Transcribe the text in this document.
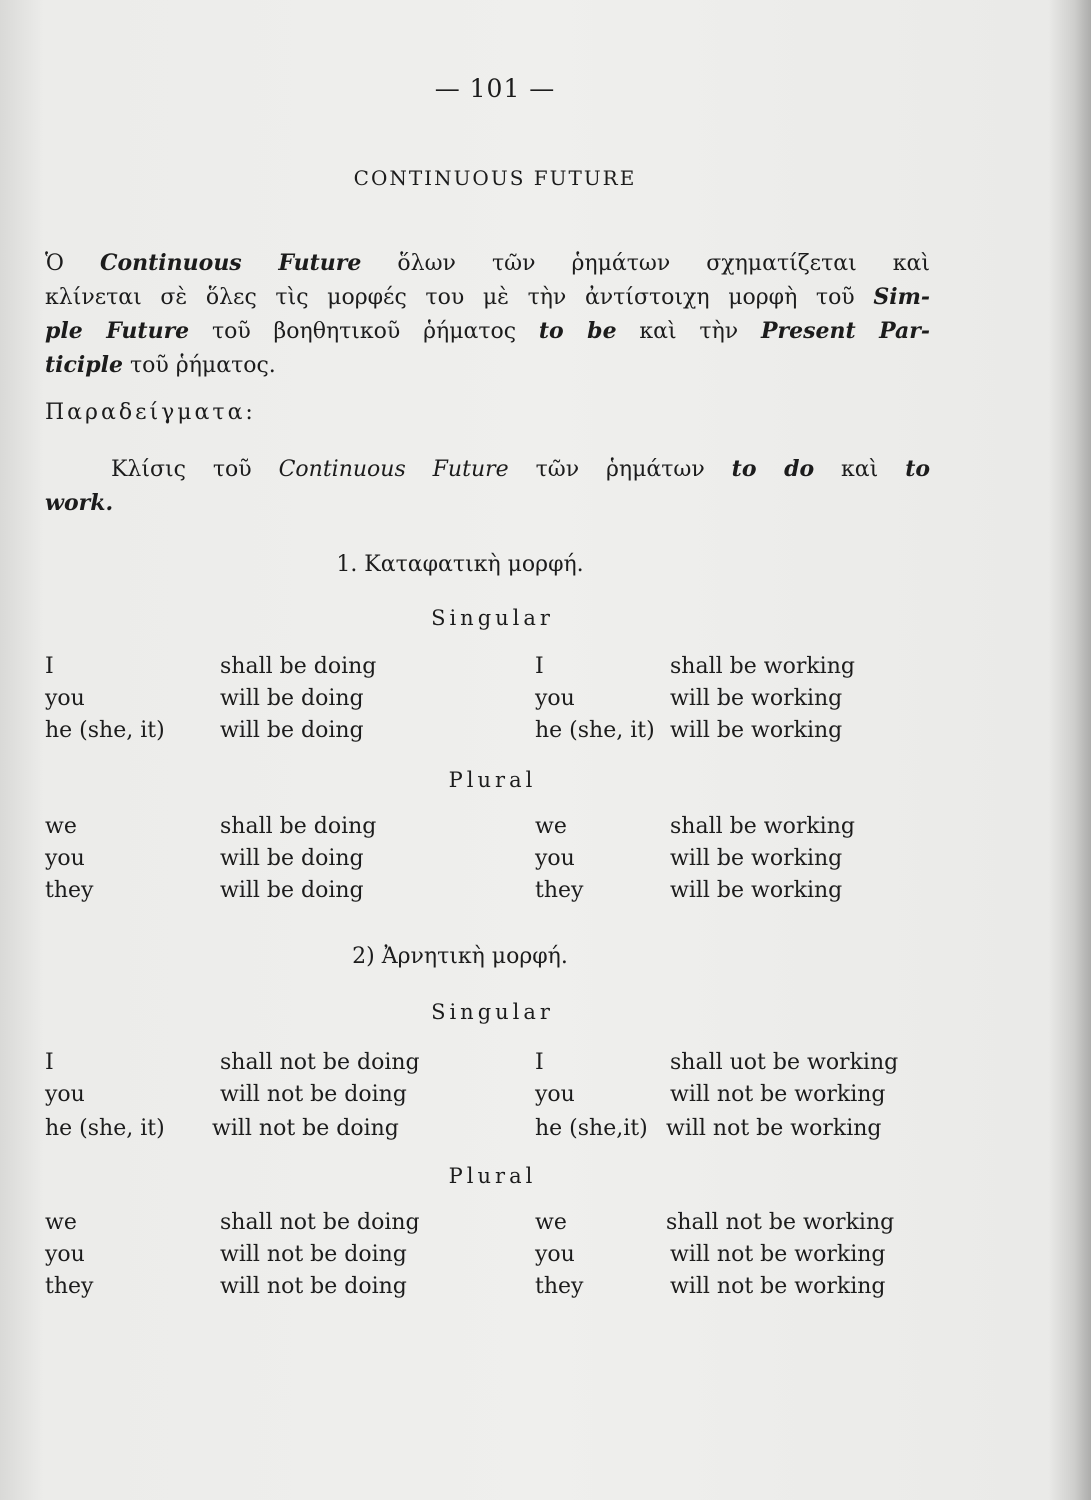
— 101 —
CONTINUOUS FUTURE
Ὁ Continuous Future ὅλων τῶν ῥημάτων σχηματίζεται καὶ
κλίνεται σὲ ὅλες τὶς μορφές του μὲ τὴν ἀντίστοιχη μορφὴ τοῦ Sim-
ple Future τοῦ βοηθητικοῦ ῥήματος to be καὶ τὴν Present Par-
ticiple τοῦ ῥήματος.
Παραδείγματα:
Κλίσις τοῦ Continuous Future τῶν ῥημάτων to do καὶ to
work.
1. Καταφατικὴ μορφή.
Singular
I	shall be doing	I	shall be working
you	will be doing	you	will be working
he (she, it)	will be doing	he (she, it) will be working
Plural
we	shall be doing	we	shall be working
you	will be doing	you	will be working
they	will be doing	they	will be working
2) Ἀρνητικὴ μορφή.
Singular
I	shall not be doing	I	shall uot be working
you	will not be doing	you	will not be working
he (she, it) will not be doing	he (she,it) will not be working
Plural
we	shall not be doing	we	shall not be working
you	will not be doing	you	will not be working
they	will not be doing	they	will not be working
